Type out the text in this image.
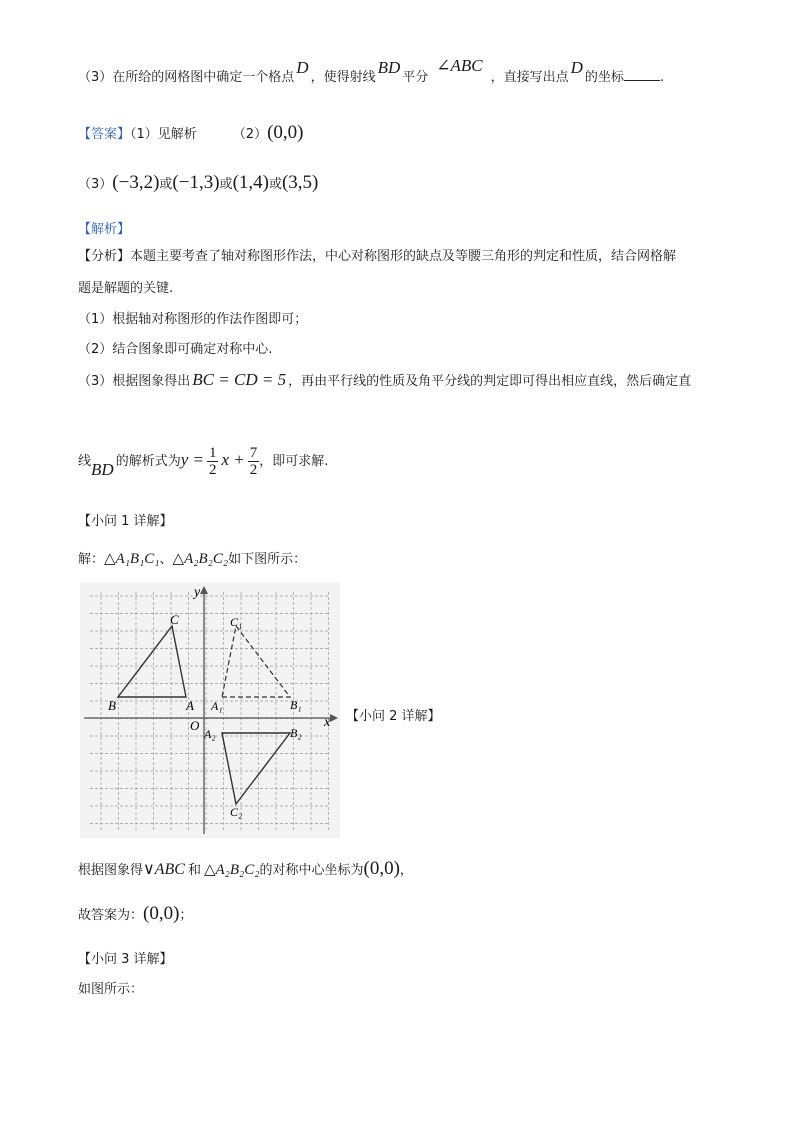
（3）在所给的网格图中确定一个格点D，使得射线BD平分∠ABC，直接写出点D的坐标	.
【答案】（1）见解析	（2）(0,0)
（3）(−3,2)或(−1,3)或(1,4)或(3,5)
【解析】
【分析】本题主要考查了轴对称图形作法，中心对称图形的缺点及等腰三角形的判定和性质，结合网格解
题是解题的关键.
（1）根据轴对称图形的作法作图即可；
（2）结合图象即可确定对称中心.
（3）根据图象得出 BC = CD = 5 ，再由平行线的性质及角平分线的判定即可得出相应直线，然后确定直
线BD 的解析式为$y = \frac{1}{2}$ $x + \frac{7}{2}$ ，即可求解.
【小问 1 详解】
解：△A₁B₁C₁、△A₂B₂C₂如下图所示：
x
y
O
B	A
C
A₁	B₁
C₁
A₂	B₂
C₂
【小问 2 详解】
根据图象得∨ABC 和 △A₂B₂C₂的对称中心坐标为(0,0)，
故答案为：(0,0)；
【小问 3 详解】
如图所示：
